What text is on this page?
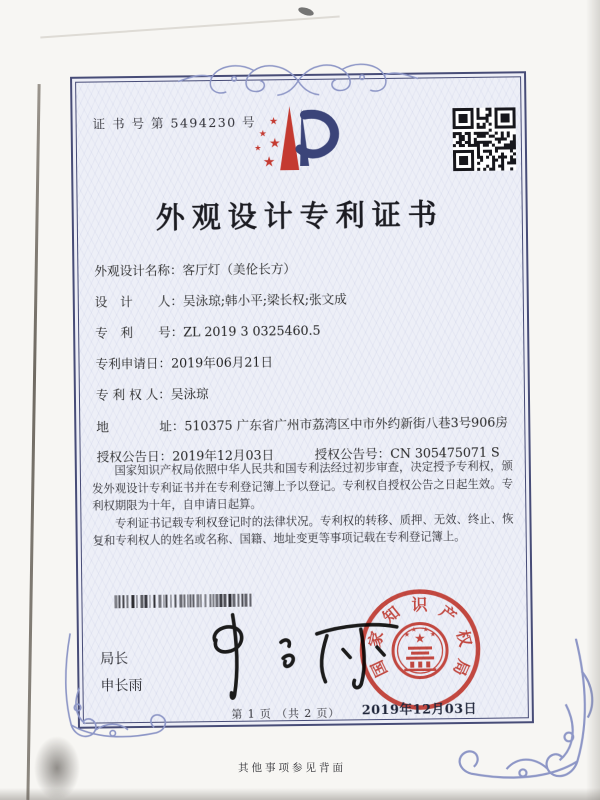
证 书 号 第 5494230 号 ★
★
★ ★
★
外观设计专利证书
外观设计名称：客厅灯（美伦长方）
设　计　　人：吴泳琼;韩小平;梁长权;张文成
专　利　　号：ZL 2019 3 0325460.5
专利申请日：2019年06月21日
专 利 权 人：吴泳琼
地　　　　址：510375 广东省广州市荔湾区中市外约新街八巷3号906房
授权公告日：2019年12月03日	授权公告号：CN 305475071 S

国家知识产权局依照中华人民共和国专利法经过初步审查，决定授予专利权，颁发外观设计专利证书并在专利登记簿上予以登记。专利权自授权公告之日起生效。专利权期限为十年，自申请日起算。

专利证书记载专利权登记时的法律状况。专利权的转移、质押、无效、终止、恢复和专利权人的姓名或名称、国籍、地址变更等事项记载在专利登记簿上。

局长
申长雨
★
★
★ ★
★
国
家
知 识 产
权
局
2019年12月03日
第 1 页 （共 2 页）
其他事项参见背面
